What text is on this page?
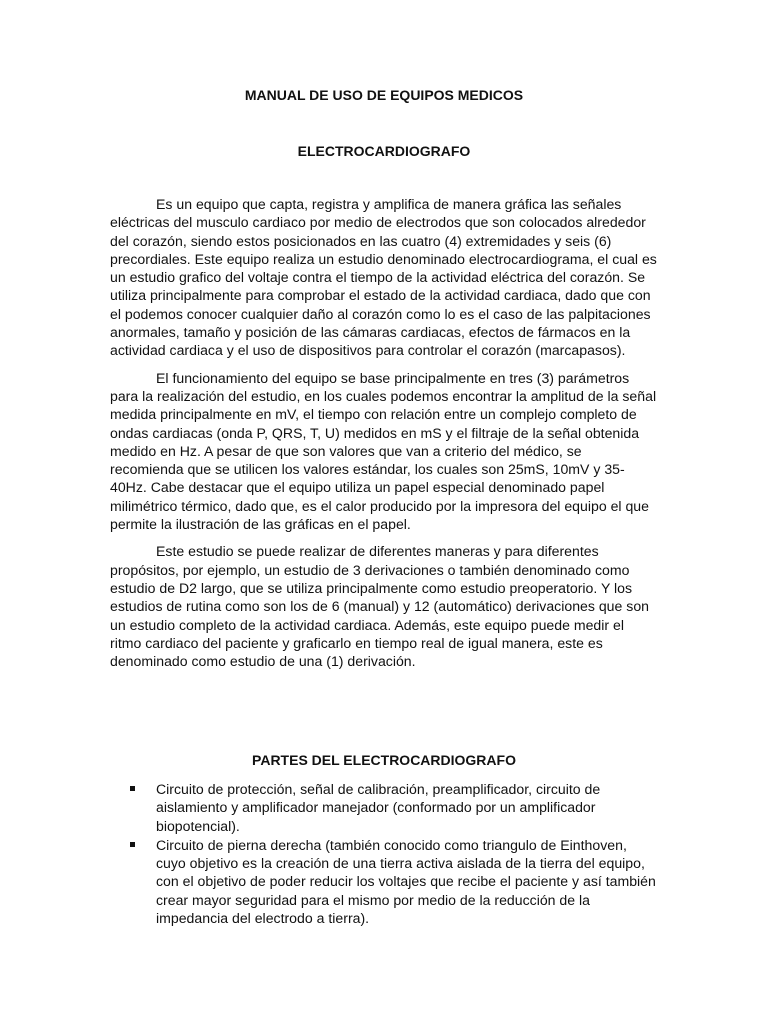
MANUAL DE USO DE EQUIPOS MEDICOS
ELECTROCARDIOGRAFO

Es un equipo que capta, registra y amplifica de manera gráfica las señales eléctricas del musculo cardiaco por medio de electrodos que son colocados alrededor del corazón, siendo estos posicionados en las cuatro (4) extremidades y seis (6) precordiales. Este equipo realiza un estudio denominado electrocardiograma, el cual es un estudio grafico del voltaje contra el tiempo de la actividad eléctrica del corazón. Se utiliza principalmente para comprobar el estado de la actividad cardiaca, dado que con el podemos conocer cualquier daño al corazón como lo es el caso de las palpitaciones anormales, tamaño y posición de las cámaras cardiacas, efectos de fármacos en la actividad cardiaca y el uso de dispositivos para controlar el corazón (marcapasos).

El funcionamiento del equipo se base principalmente en tres (3) parámetros para la realización del estudio, en los cuales podemos encontrar la amplitud de la señal medida principalmente en mV, el tiempo con relación entre un complejo completo de ondas cardiacas (onda P, QRS, T, U) medidos en mS y el filtraje de la señal obtenida medido en Hz. A pesar de que son valores que van a criterio del médico, se recomienda que se utilicen los valores estándar, los cuales son 25mS, 10mV y 35-40Hz. Cabe destacar que el equipo utiliza un papel especial denominado papel milimétrico térmico, dado que, es el calor producido por la impresora del equipo el que permite la ilustración de las gráficas en el papel.

Este estudio se puede realizar de diferentes maneras y para diferentes propósitos, por ejemplo, un estudio de 3 derivaciones o también denominado como estudio de D2 largo, que se utiliza principalmente como estudio preoperatorio. Y los estudios de rutina como son los de 6 (manual) y 12 (automático) derivaciones que son un estudio completo de la actividad cardiaca. Además, este equipo puede medir el ritmo cardiaco del paciente y graficarlo en tiempo real de igual manera, este es denominado como estudio de una (1) derivación.

PARTES DEL ELECTROCARDIOGRAFO
Circuito de protección, señal de calibración, preamplificador, circuito de aislamiento y amplificador manejador (conformado por un amplificador biopotencial).
Circuito de pierna derecha (también conocido como triangulo de Einthoven, cuyo objetivo es la creación de una tierra activa aislada de la tierra del equipo, con el objetivo de poder reducir los voltajes que recibe el paciente y así también crear mayor seguridad para el mismo por medio de la reducción de la impedancia del electrodo a tierra).
